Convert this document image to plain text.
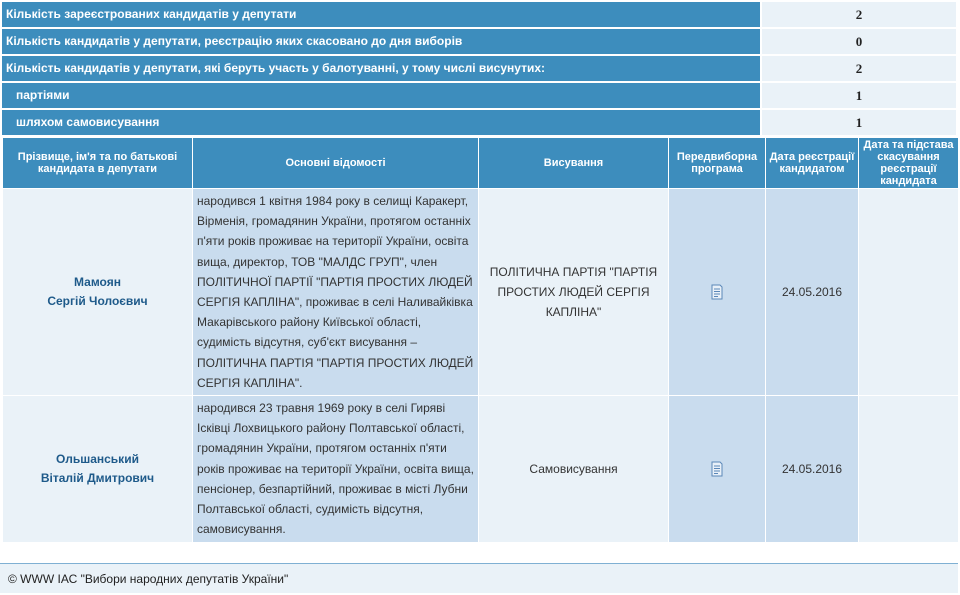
Кількість зареєстрованих кандидатів у депутати	2
Кількість кандидатів у депутати, реєстрацію яких скасовано до дня виборів	0
Кількість кандидатів у депутати, які беруть участь у балотуванні, у тому числі висунутих:	2
партіями	1
шляхом самовисування	1
Прізвище, ім'я та по батькові кандидата в депутати	Основні відомості	Висування	Передвиборна програма	Дата реєстрації кандидатом	Дата та підстава скасування реєстрації кандидата
Мамоян
Сергій Чолоєвич	народився 1 квітня 1984 року в селищі Каракерт, Вірменія, громадянин України, протягом останніх п'яти років проживає на території України, освіта вища, директор, ТОВ "МАЛДС ГРУП", член ПОЛІТИЧНОЇ ПАРТІЇ "ПАРТІЯ ПРОСТИХ ЛЮДЕЙ СЕРГІЯ КАПЛІНА", проживає в селі Наливайківка Макарівського району Київської області, судимість відсутня, суб'єкт висування – ПОЛІТИЧНА ПАРТІЯ "ПАРТІЯ ПРОСТИХ ЛЮДЕЙ СЕРГІЯ КАПЛІНА".	ПОЛІТИЧНА ПАРТІЯ "ПАРТІЯ ПРОСТИХ ЛЮДЕЙ СЕРГІЯ КАПЛІНА"		24.05.2016	
Ольшанський
Віталій Дмитрович	народився 23 травня 1969 року в селі Гиряві Ісківці Лохвицького району Полтавської області, громадянин України, протягом останніх п'яти років проживає на території України, освіта вища, пенсіонер, безпартійний, проживає в місті Лубни Полтавської області, судимість відсутня, самовисування.	Самовисування		24.05.2016	
© WWW ІАС "Вибори народних депутатів України"
